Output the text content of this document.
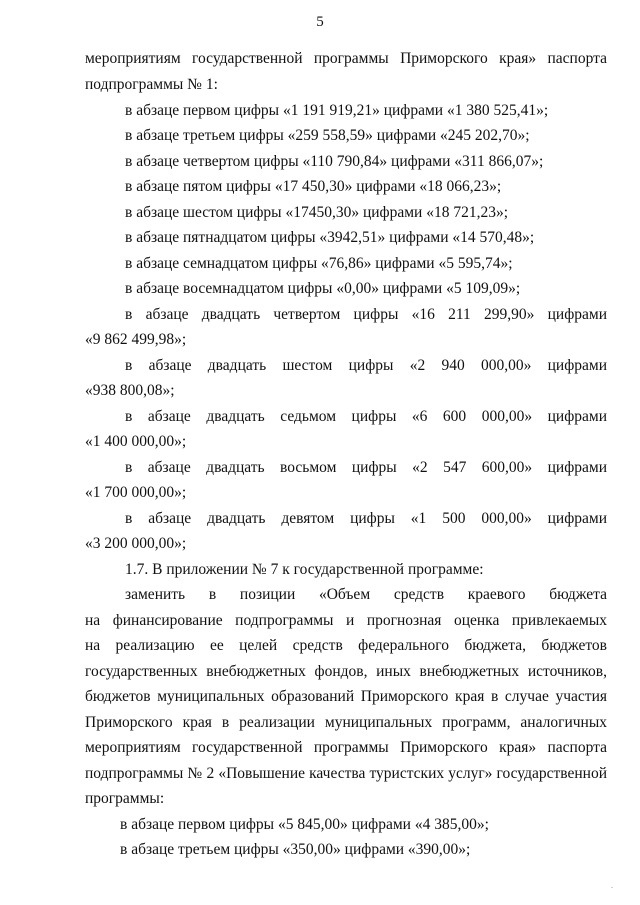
5

мероприятиям государственной программы Приморского края» паспорта
подпрограммы № 1:

в абзаце первом цифры «1 191 919,21» цифрами «1 380 525,41»;

в абзаце третьем цифры «259 558,59» цифрами «245 202,70»;

в абзаце четвертом цифры «110 790,84» цифрами «311 866,07»;

в абзаце пятом цифры «17 450,30» цифрами «18 066,23»;

в абзаце шестом цифры «17450,30» цифрами «18 721,23»;

в абзаце пятнадцатом цифры «3942,51» цифрами «14 570,48»;

в абзаце семнадцатом цифры «76,86» цифрами «5 595,74»;

в абзаце восемнадцатом цифры «0,00» цифрами «5 109,09»;

в абзаце двадцать четвертом цифры «16 211 299,90» цифрами

«9 862 499,98»;

в абзаце двадцать шестом цифры «2 940 000,00» цифрами

«938 800,08»;

в абзаце двадцать седьмом цифры «6 600 000,00» цифрами

«1 400 000,00»;

в абзаце двадцать восьмом цифры «2 547 600,00» цифрами

«1 700 000,00»;

в абзаце двадцать девятом цифры «1 500 000,00» цифрами

«3 200 000,00»;

1.7. В приложении № 7 к государственной программе:

заменить в позиции «Объем средств краевого бюджета

на финансирование подпрограммы и прогнозная оценка привлекаемых
на реализацию ее целей средств федерального бюджета, бюджетов
государственных внебюджетных фондов, иных внебюджетных источников,
бюджетов муниципальных образований Приморского края в случае участия
Приморского края в реализации муниципальных программ, аналогичных
мероприятиям государственной программы Приморского края» паспорта
подпрограммы № 2 «Повышение качества туристских услуг» государственной
программы:

в абзаце первом цифры «5 845,00» цифрами «4 385,00»;

в абзаце третьем цифры «350,00» цифрами «390,00»;

.
